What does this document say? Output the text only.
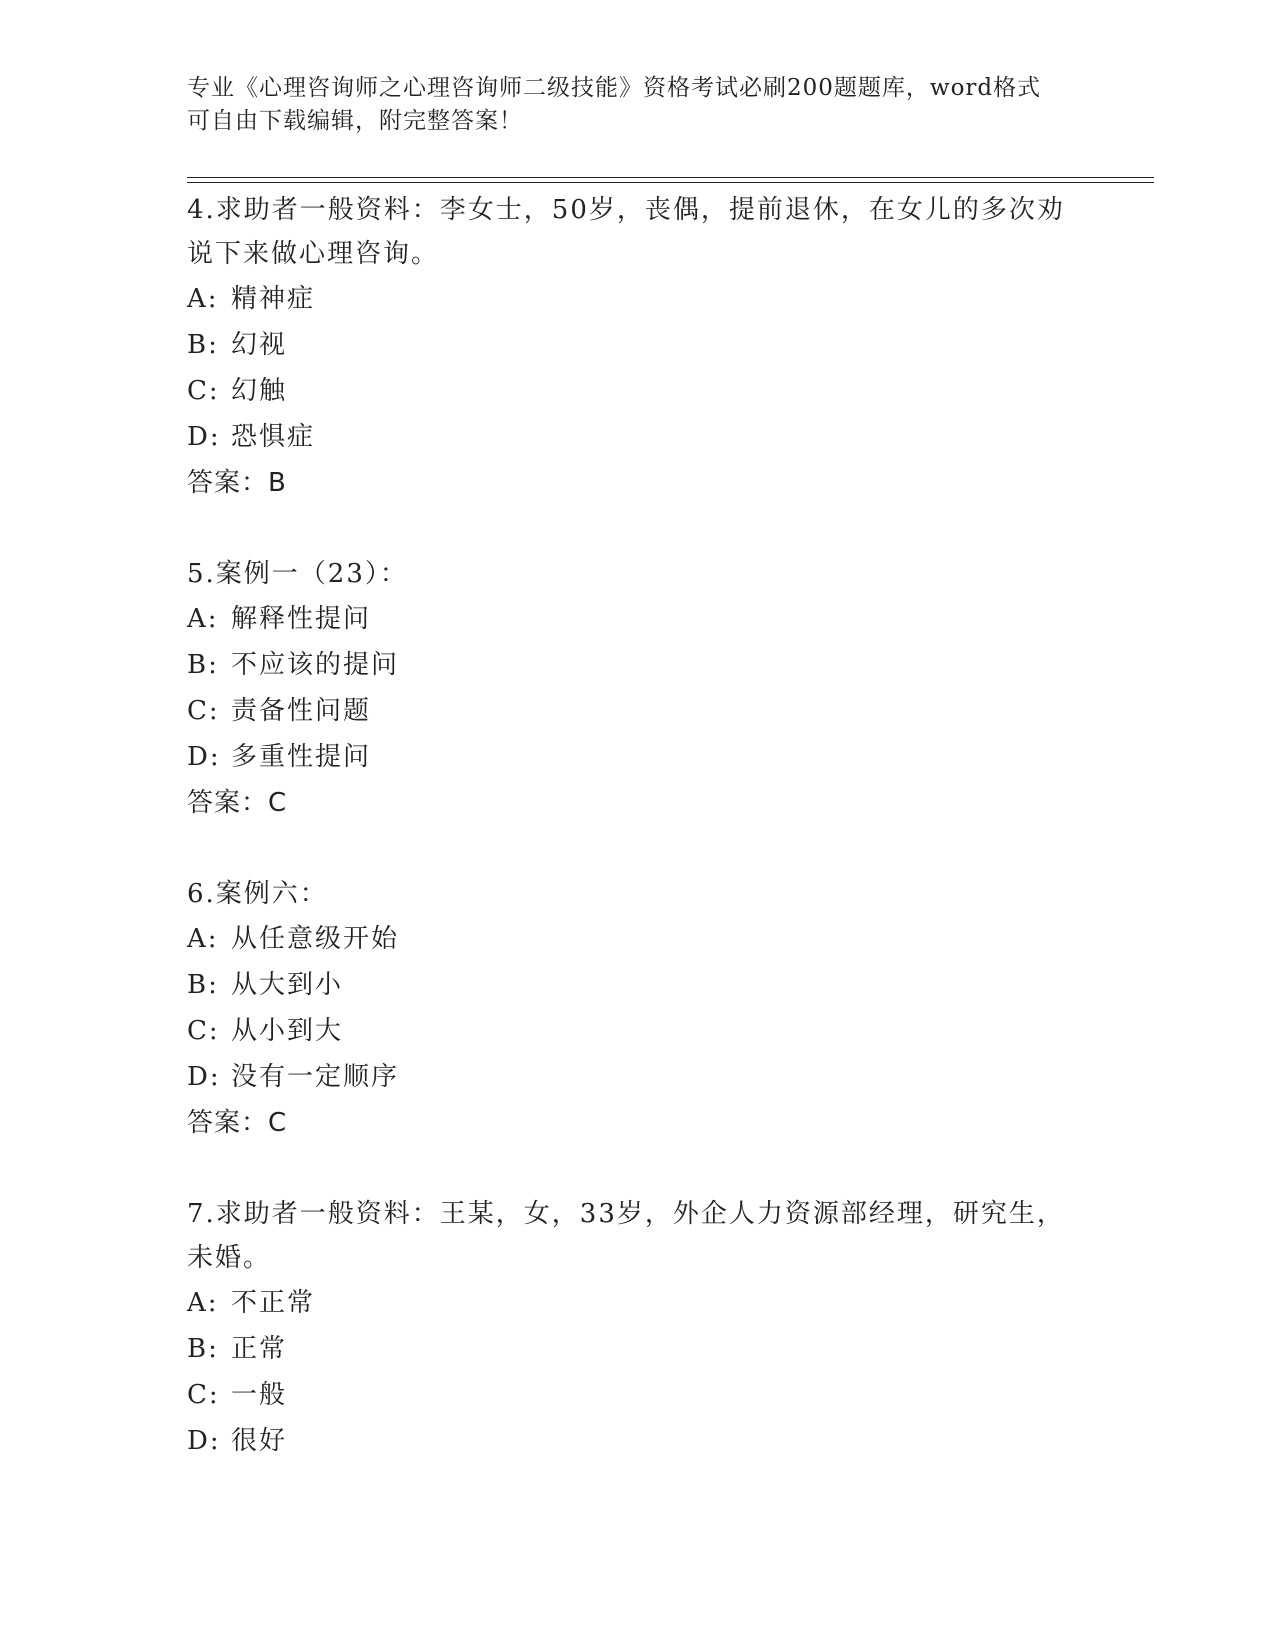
专业《心理咨询师之心理咨询师二级技能》资格考试必刷200题题库，word格式
可自由下载编辑，附完整答案！
4.求助者一般资料：李女士，50岁，丧偶，提前退休，在女儿的多次劝说下来做心理咨询。
A: 精神症
B: 幻视
C: 幻触
D: 恐惧症
答案：B
5.案例一（23）：
A: 解释性提问
B: 不应该的提问
C: 责备性问题
D: 多重性提问
答案：C
6.案例六：
A: 从任意级开始
B: 从大到小
C: 从小到大
D: 没有一定顺序
答案：C
7.求助者一般资料：王某，女，33岁，外企人力资源部经理，研究生，未婚。
A: 不正常
B: 正常
C: 一般
D: 很好
